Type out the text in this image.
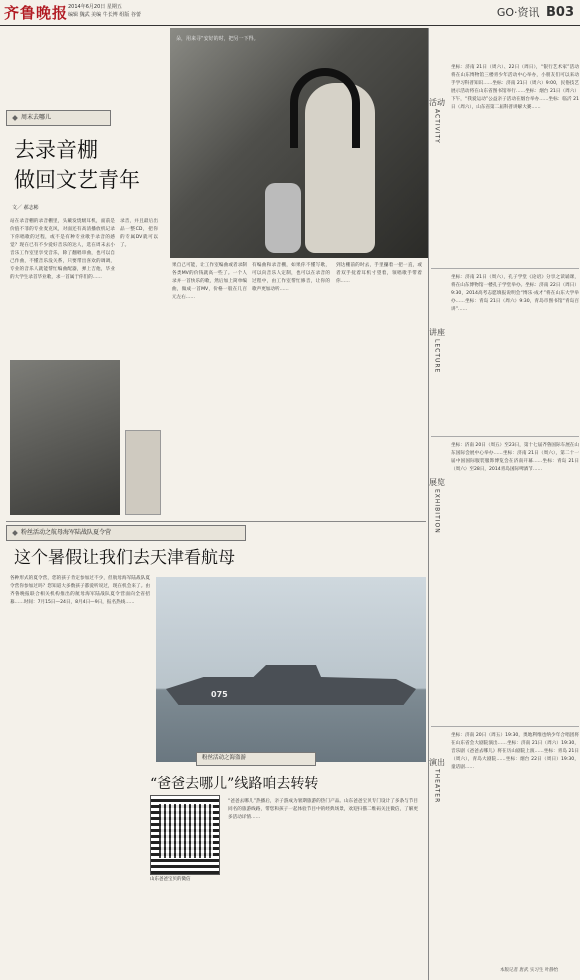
齐鲁晚报 2014年6月20日 星期五
编辑 魏武 美编 牛长博 组版 谷蕾	GO·资讯 B03
朵，用来寻“安好的时，把另一下得。
周末去哪儿
去录音棚
做回文艺青年
文／ 郝志彬
站在录音棚的录音棚里，头戴发烧级耳机，面前是价值不菲的专业麦克风，对面还有高清播放机记录下你唱歌的过程，或不是有种专业歌手录音的感觉？现在已有不少爱好音乐的达人，选在周末去小音乐工作室里享受音乐，除了翻唱串曲，也可以自己作曲，不懂音乐没关系，只要带出喜欢的调调，专业的音乐人就能帮忙编曲配器，弹上吉他，毕业的大学生录首毕业歌，求一首属于你们的……
录音，并且最后出品一整CD，把你的专属DV就可以了。
果自己可能，让工作室编曲或者录制各类MV的价钱就高一些了。一个人录并一首快乐的歌，然后加上简单编曲，做成一首MV，价格一般在几百元左右……
有编曲和录音棚，如果你不懂写歌，可以向音乐人定制，也可以在录音的过程中，由工作室帮忙修音，让你的歌声更加动听……
到达棚前的时去，手里攥着一把一直，或者双手抚着耳机寸望着，领唱歌手带着你……
粉丝活动之航母海军陆战队夏令营
这个暑假让我们去天津看航母
各种形式的夏令营，您的孩子肯定参加过不少，但航母海军陆战队夏令营你参加过吗？您知道大多数孩子都爱听说过，现在机会来了。由齐鲁晚报联合相关机构推出的航母海军陆战队夏令营面向全省招募……时间：7月15日—24日，8月4日—9日，报名热线……
075
粉丝活动之海盗游
“爸爸去哪儿”线路咱去转转
山东爸爸宝贝的微信
“爸爸去哪儿”热播后，亲子游成为暑期旅游的热门产品。山东爸爸宝贝专门设计了多条与节目同名的旅游线路，带您和孩子一起体验节目中的经典场景，欢迎扫描二维码关注微信，了解更多活动详情……
活动
ACTIVITY
坐标：济南 21日（周六）、22日（周日），“银行艺术家”活动将在山东博物馆三楼青少年活动中心举办，小朋友们可以来动手学习科普知识……坐标：济南 21日（周六）9:00，民俗技艺展示活动将在山东省图书馆举行……坐标：烟台 21日（周六）下午，“我爱运动”公益亲子活动在烟台举办……坐标：临沂 21日（周六），山东省第二届科普讲解大赛……
讲座
LECTURE
坐标：济南 21日（周六），孔子学堂《论语》分享之读诵课，将在山东博物馆一楼孔子学堂举办。坐标：济南 22日（周日）9:30，2014高考志愿填报说明会“博乐·成才”将在山东大学举办……坐标：青岛 21日（周六）9:30，青岛市图书馆“青岛百讲”……
展览
EXHIBITION
坐标：济南 20日（周五）至23日，第十七届齐鲁国际车展在山东国际会展中心举办……坐标：济南 21日（周六），第二十一届中国国际服装服饰博览会在济南开幕……坐标：青岛 21日（周六）至28日，2014青岛国际啤酒节……
演出
THEATER
坐标：济南 20日（周五）19:30，奥地利维也纳少年合唱团将在山东省会大剧院演出……坐标：济南 21日（周六）19:30，音乐剧《爸爸去哪儿》将在历山剧院上演……坐标：青岛 21日（周六），青岛大剧院……坐标：烟台 22日（周日）19:30，童话剧……
本版记者 唐武 实习生 叶静怡
